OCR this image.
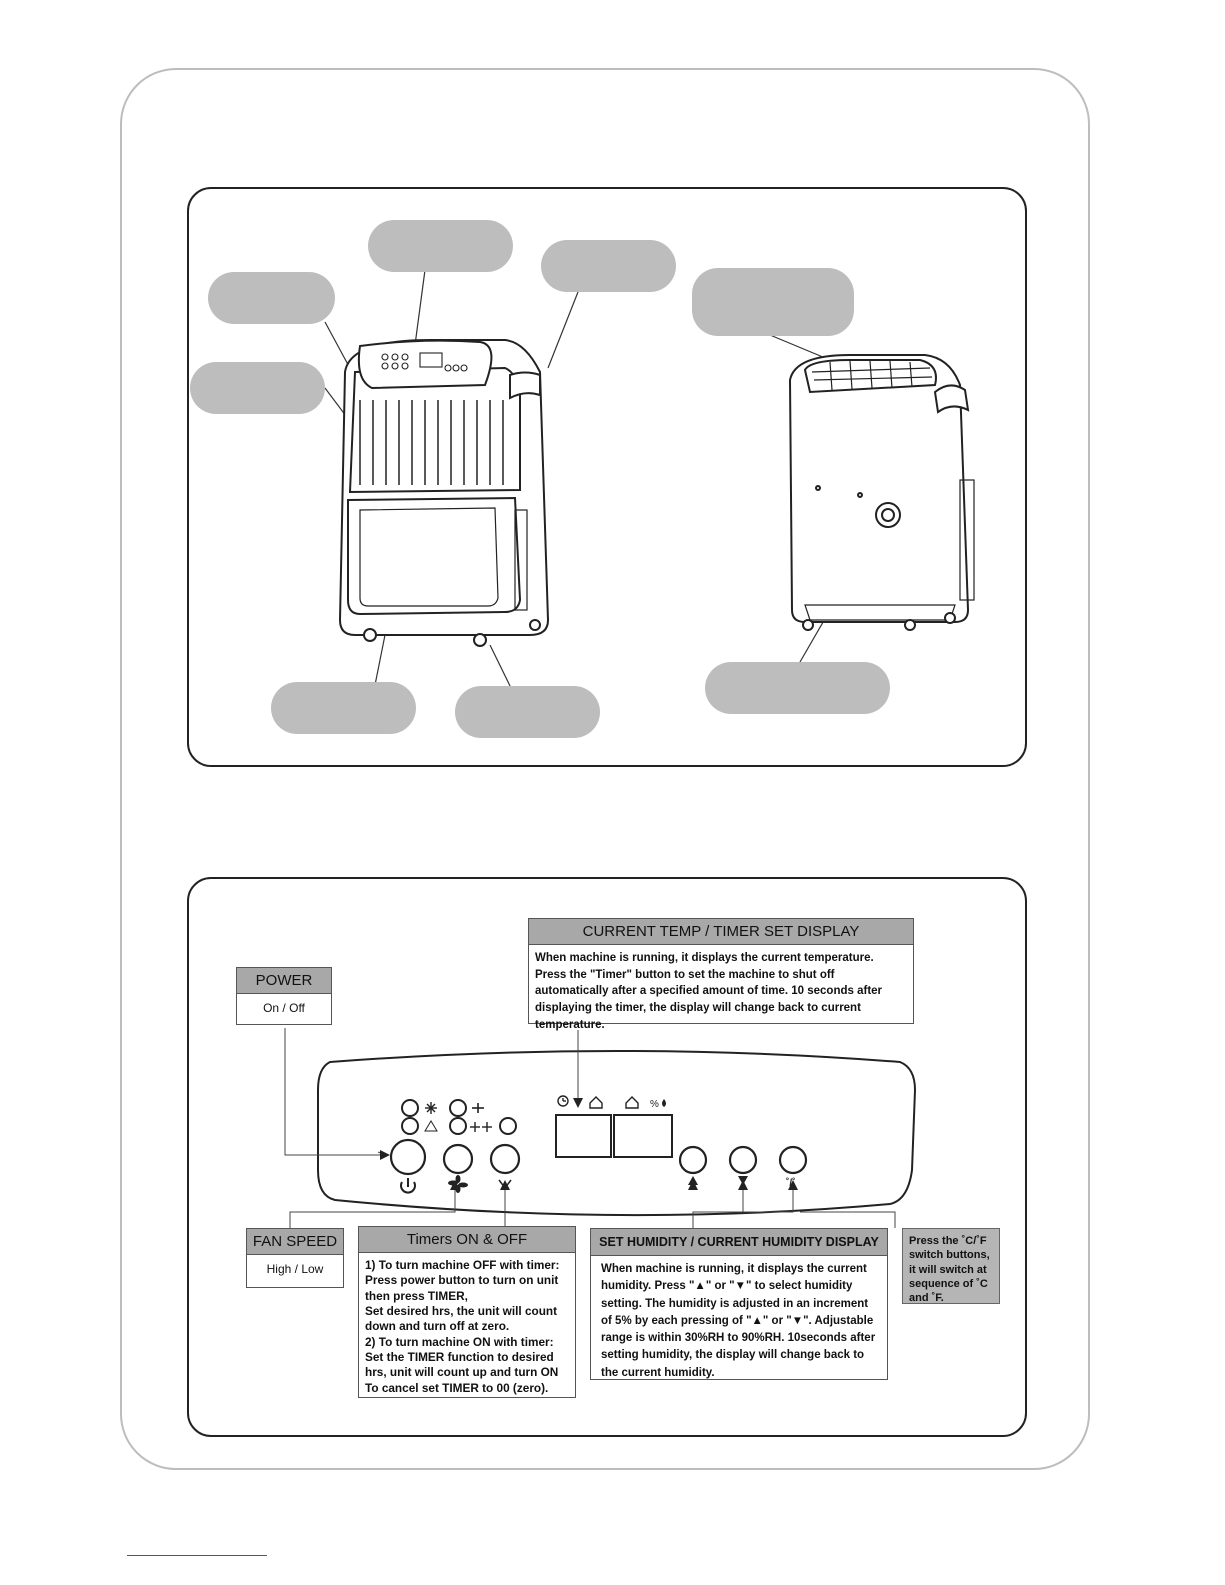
%
˚/˚
POWER
On / Off
CURRENT TEMP / TIMER SET DISPLAY
When machine is running, it displays the current temperature. Press the "Timer" button to set the machine to shut off automatically after a specified amount of time. 10 seconds after displaying the timer, the display will change back to current temperature.
FAN SPEED
High / Low
Timers ON & OFF
1) To turn machine OFF with timer:
Press power button to turn on unit
then press TIMER,
Set desired hrs, the unit will count
down and turn off at zero.
2) To turn machine ON with timer:
Set the TIMER function to desired
hrs, unit will count up and turn ON
To cancel set TIMER to 00 (zero).
SET HUMIDITY / CURRENT HUMIDITY DISPLAY
When machine is running, it displays the current humidity. Press "▲" or "▼" to select humidity setting. The humidity is adjusted in an increment of 5% by each pressing of "▲" or "▼". Adjustable range is within 30%RH to 90%RH. 10seconds after setting humidity, the display will change back to the current humidity.
Press the ˚C/˚F switch buttons, it will switch at sequence of ˚C and ˚F.
